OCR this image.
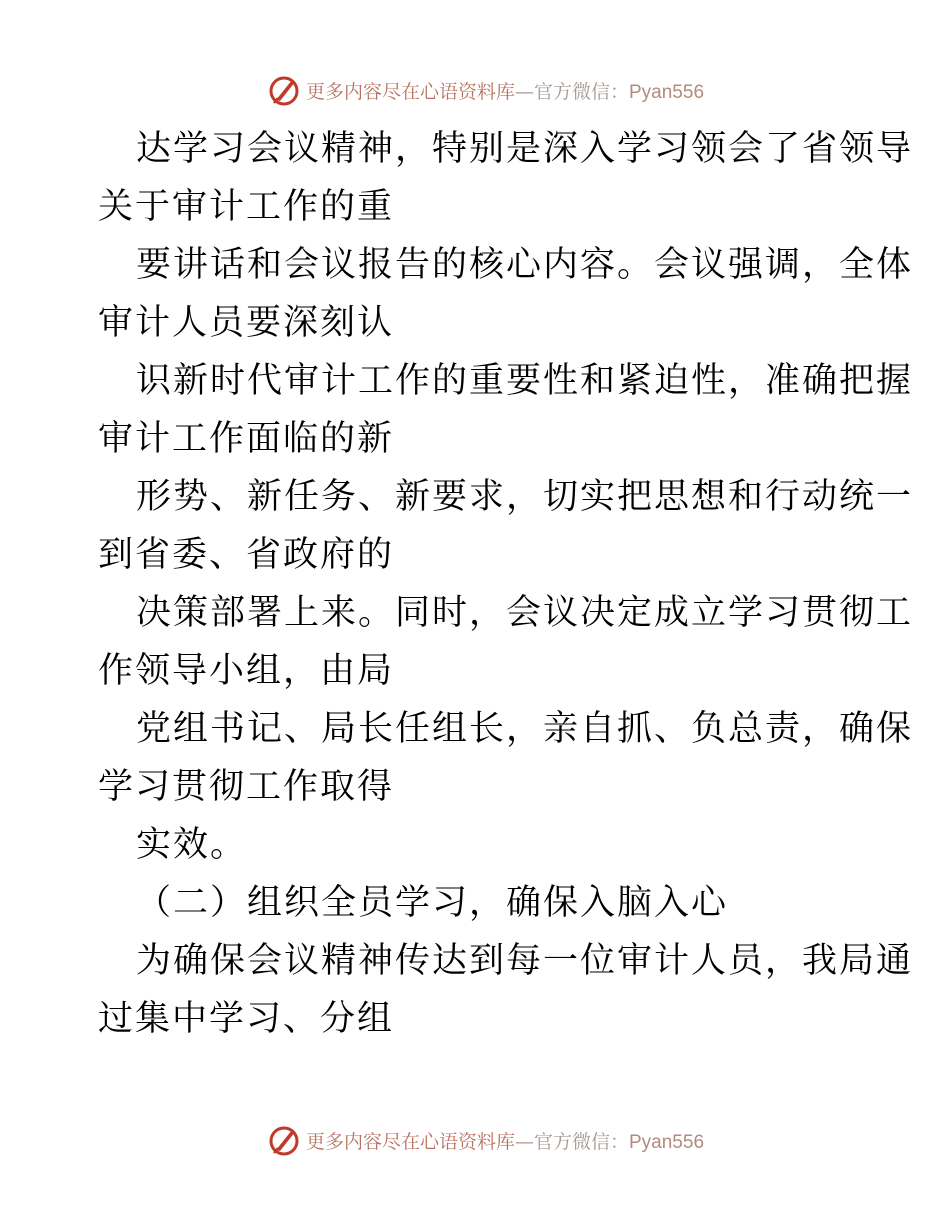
更多内容尽在心语资料库—官方微信：Pyan556
达学习会议精神，特别是深入学习领会了省领导
关于审计工作的重
要讲话和会议报告的核心内容。会议强调，全体
审计人员要深刻认
识新时代审计工作的重要性和紧迫性，准确把握
审计工作面临的新
形势、新任务、新要求，切实把思想和行动统一
到省委、省政府的
决策部署上来。同时，会议决定成立学习贯彻工
作领导小组，由局
党组书记、局长任组长，亲自抓、负总责，确保
学习贯彻工作取得
实效。
（二）组织全员学习，确保入脑入心
为确保会议精神传达到每一位审计人员，我局通
过集中学习、分组
更多内容尽在心语资料库—官方微信：Pyan556
